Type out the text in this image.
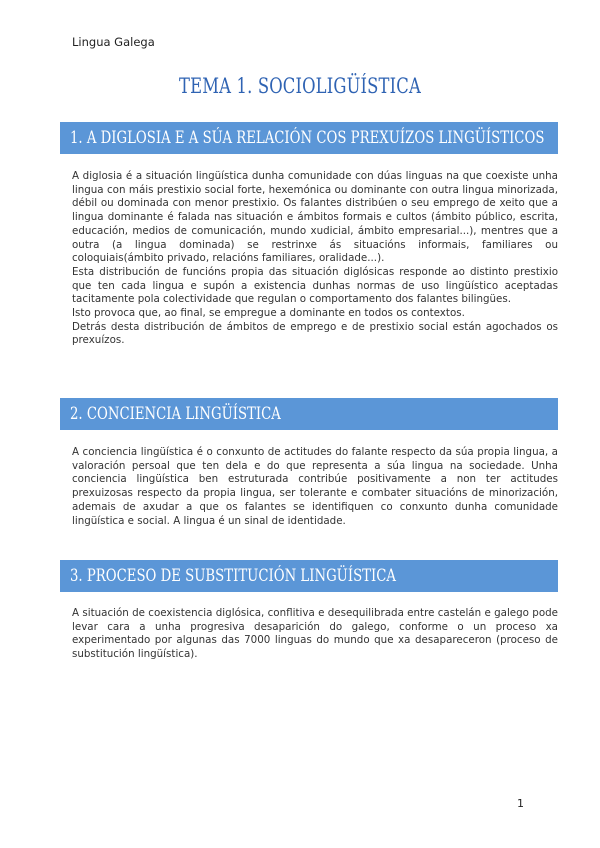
Lingua Galega
TEMA 1. SOCIOLIGÜÍSTICA
1. A DIGLOSIA E A SÚA RELACIÓN COS PREXUÍZOS LINGÜÍSTICOS

A diglosia é a situación lingüística dunha comunidade con dúas linguas na que coexiste unha lingua con máis prestixio social forte, hexemónica ou dominante con outra lingua minorizada, débil ou dominada con menor prestixio. Os falantes distribúen o seu emprego de xeito que a lingua dominante é falada nas situación e ámbitos formais e cultos (ámbito público, escrita, educación, medios de comunicación, mundo xudicial, ámbito empresarial...), mentres que a outra (a lingua dominada) se restrinxe ás situacións informais, familiares ou coloquiais(ámbito privado, relacións familiares, oralidade...).

Esta distribución de funcións propia das situación diglósicas responde ao distinto prestixio que ten cada lingua e supón a existencia dunhas normas de uso lingüístico aceptadas tacitamente pola colectividade que regulan o comportamento dos falantes bilingües.

Isto provoca que, ao final, se empregue a dominante en todos os contextos.

Detrás desta distribución de ámbitos de emprego e de prestixio social están agochados os prexuízos.

2. CONCIENCIA LINGÜÍSTICA

A conciencia lingüística é o conxunto de actitudes do falante respecto da súa propia lingua, a valoración persoal que ten dela e do que representa a súa lingua na sociedade. Unha conciencia lingüística ben estruturada contribúe positivamente a non ter actitudes prexuizosas respecto da propia lingua, ser tolerante e combater situacións de minorización, ademais de axudar a que os falantes se identifiquen co conxunto dunha comunidade lingüística e social. A lingua é un sinal de identidade.

3. PROCESO DE SUBSTITUCIÓN LINGÜÍSTICA

A situación de coexistencia diglósica, conflitiva e desequilibrada entre castelán e galego pode levar cara a unha progresiva desaparición do galego, conforme o un proceso xa experimentado por algunas das 7000 linguas do mundo que xa desapareceron (proceso de substitución lingüística).

1
